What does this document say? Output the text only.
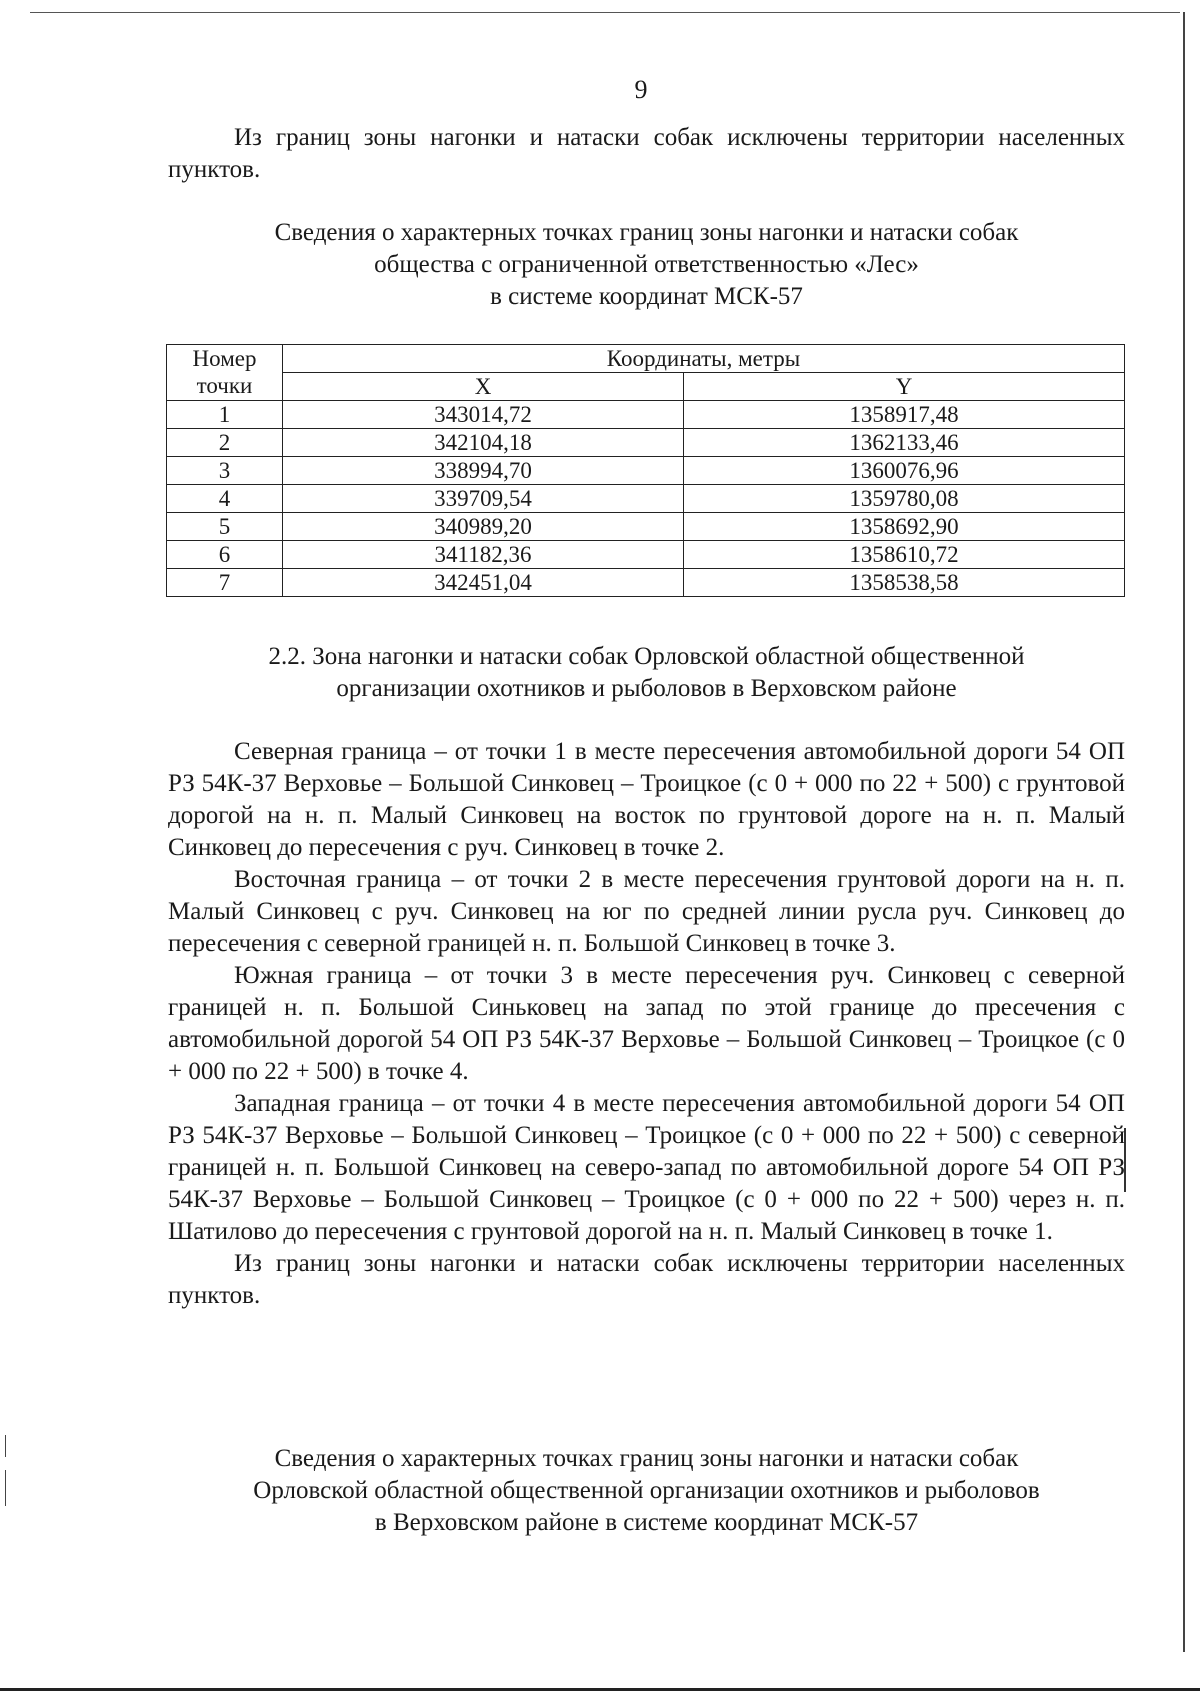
9

Из границ зоны нагонки и натаски собак исключены территории населенных пунктов.

Сведения о характерных точках границ зоны нагонки и натаски собак
общества с ограниченной ответственностью «Лес»
в системе координат МСК-57
Номер	Координаты, метры	
точки	X	Y
1	343014,72	1358917,48
2	342104,18	1362133,46
3	338994,70	1360076,96
4	339709,54	1359780,08
5	340989,20	1358692,90
6	341182,36	1358610,72
7	342451,04	1358538,58
2.2. Зона нагонки и натаски собак Орловской областной общественной
организации охотников и рыболовов в Верховском районе

Северная граница – от точки 1 в месте пересечения автомобильной дороги 54 ОП РЗ 54К-37 Верховье – Большой Синковец – Троицкое (с 0 + 000 по 22 + 500) с грунтовой дорогой на н. п. Малый Синковец на восток по грунтовой дороге на н. п. Малый Синковец до пересечения с руч. Синковец в точке 2.

Восточная граница – от точки 2 в месте пересечения грунтовой дороги на н. п. Малый Синковец с руч. Синковец на юг по средней линии русла руч. Синковец до пересечения с северной границей н. п. Большой Синковец в точке 3.

Южная граница – от точки 3 в месте пересечения руч. Синковец с северной границей н. п. Большой Синьковец на запад по этой границе до пресечения с автомобильной дорогой 54 ОП РЗ 54К-37 Верховье – Большой Синковец – Троицкое (с 0 + 000 по 22 + 500) в точке 4.

Западная граница – от точки 4 в месте пересечения автомобильной дороги 54 ОП РЗ 54К-37 Верховье – Большой Синковец – Троицкое (с 0 + 000 по 22 + 500) с северной границей н. п. Большой Синковец на северо-запад по автомобильной дороге 54 ОП РЗ 54К-37 Верховье – Большой Синковец – Троицкое (с 0 + 000 по 22 + 500) через н. п. Шатилово до пересечения с грунтовой дорогой на н. п. Малый Синковец в точке 1.

Из границ зоны нагонки и натаски собак исключены территории населенных пунктов.

Сведения о характерных точках границ зоны нагонки и натаски собак
Орловской областной общественной организации охотников и рыболовов
в Верховском районе в системе координат МСК-57
